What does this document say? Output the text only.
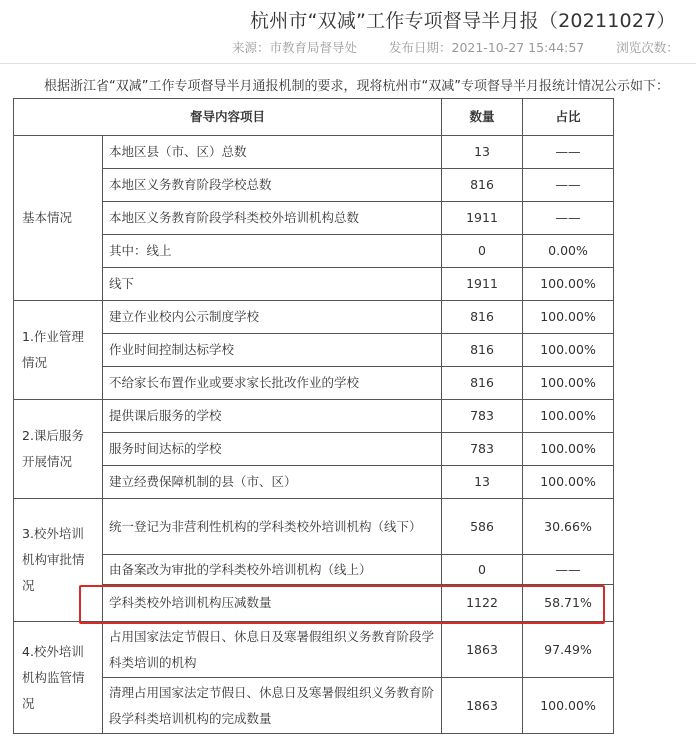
杭州市“双减”工作专项督导半月报（20211027）
来源：市教育局督导处	发布日期：2021-10-27 15:44:57	浏览次数：
根据浙江省“双减”工作专项督导半月通报机制的要求，现将杭州市“双减”专项督导半月报统计情况公示如下：
督导内容项目		数量	占比
基本情况	本地区县（市、区）总数	13	——
	本地区义务教育阶段学校总数	816	——
	本地区义务教育阶段学科类校外培训机构总数	1911	——
	其中：线上	0	0.00%
	线下	1911	100.00%
1.作业管理情况	建立作业校内公示制度学校	816	100.00%
	作业时间控制达标学校	816	100.00%
	不给家长布置作业或要求家长批改作业的学校	816	100.00%
2.课后服务开展情况	提供课后服务的学校	783	100.00%
	服务时间达标的学校	783	100.00%
	建立经费保障机制的县（市、区）	13	100.00%
3.校外培训机构审批情况	统一登记为非营利性机构的学科类校外培训机构（线下）	586	30.66%
	由备案改为审批的学科类校外培训机构（线上）	0	——
	学科类校外培训机构压减数量	1122	58.71%
4.校外培训机构监管情况	占用国家法定节假日、休息日及寒暑假组织义务教育阶段学科类培训的机构	1863	97.49%
	清理占用国家法定节假日、休息日及寒暑假组织义务教育阶段学科类培训机构的完成数量	1863	100.00%
